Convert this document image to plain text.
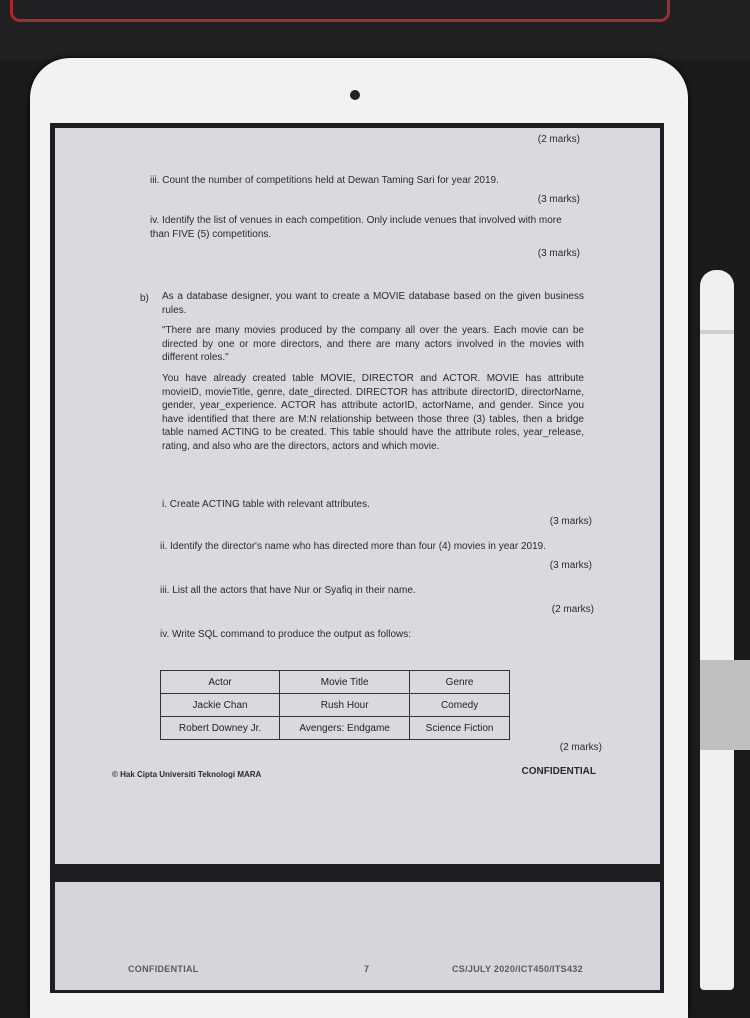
(2 marks)

iii. Count the number of competitions held at Dewan Taming Sari for year 2019.

(3 marks)

iv. Identify the list of venues in each competition. Only include venues that involved with more than FIVE (5) competitions.

(3 marks)
b) As a database designer, you want to create a MOVIE database based on the given business rules.

"There are many movies produced by the company all over the years. Each movie can be directed by one or more directors, and there are many actors involved in the movies with different roles."

You have already created table MOVIE, DIRECTOR and ACTOR. MOVIE has attribute movieID, movieTitle, genre, date_directed. DIRECTOR has attribute directorID, directorName, gender, year_experience. ACTOR has attribute actorID, actorName, and gender. Since you have identified that there are M:N relationship between those three (3) tables, then a bridge table named ACTING to be created. This table should have the attribute roles, year_release, rating, and also who are the directors, actors and which movie.

i. Create ACTING table with relevant attributes.

(3 marks)

ii. Identify the director's name who has directed more than four (4) movies in year 2019.

(3 marks)

iii. List all the actors that have Nur or Syafiq in their name.

(2 marks)

iv. Write SQL command to produce the output as follows:

Actor	Movie Title	Genre
Jackie Chan	Rush Hour	Comedy
Robert Downey Jr.	Avengers: Endgame	Science Fiction
(2 marks)
© Hak Cipta Universiti Teknologi MARA	CONFIDENTIAL
CONFIDENTIAL	7	CS/JULY 2020/ICT450/ITS432
